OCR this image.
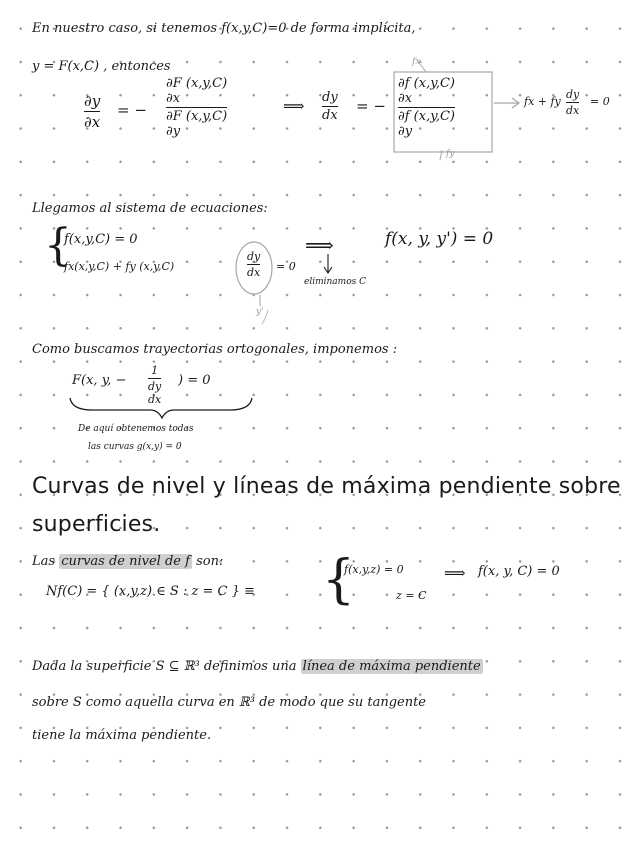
En nuestro caso, si tenemos f(x,y,C)=0 de forma implícita,
y = F(x,C) , entonces
∂y
∂x
= −
∂F (x,y,C)
∂x
∂F (x,y,C)
∂y
⟹ dy
dx
= −
∂f (x,y,C)
∂x
∂f (x,y,C)
∂y
fx + fy
dy
dx
= 0
fx
fy
Llegamos al sistema de ecuaciones:
{
f(x,y,C) = 0
fx(x,y,C) + fy (x,y,C)
dy
dx = 0
y'
⟹	f(x, y, y') = 0
eliminamos C
Como buscamos trayectorias ortogonales, imponemos :
F(x, y, −
1
dy
dx
) = 0
De aquí obtenemos todas
las curvas g(x,y) = 0
Curvas de nivel y líneas de máxima pendiente sobre
superficies.
Las curvas de nivel de f son:
Nf(C) = { (x,y,z) ∈ S : z = C } ≡ {
f(x,y,z) = 0
z = C
⟹ f(x, y, C) = 0
Dada la superficie S ⊆ ℝ³ definimos una línea de máxima pendiente
sobre S como aquella curva en ℝ³ de modo que su tangente
tiene la máxima pendiente.
